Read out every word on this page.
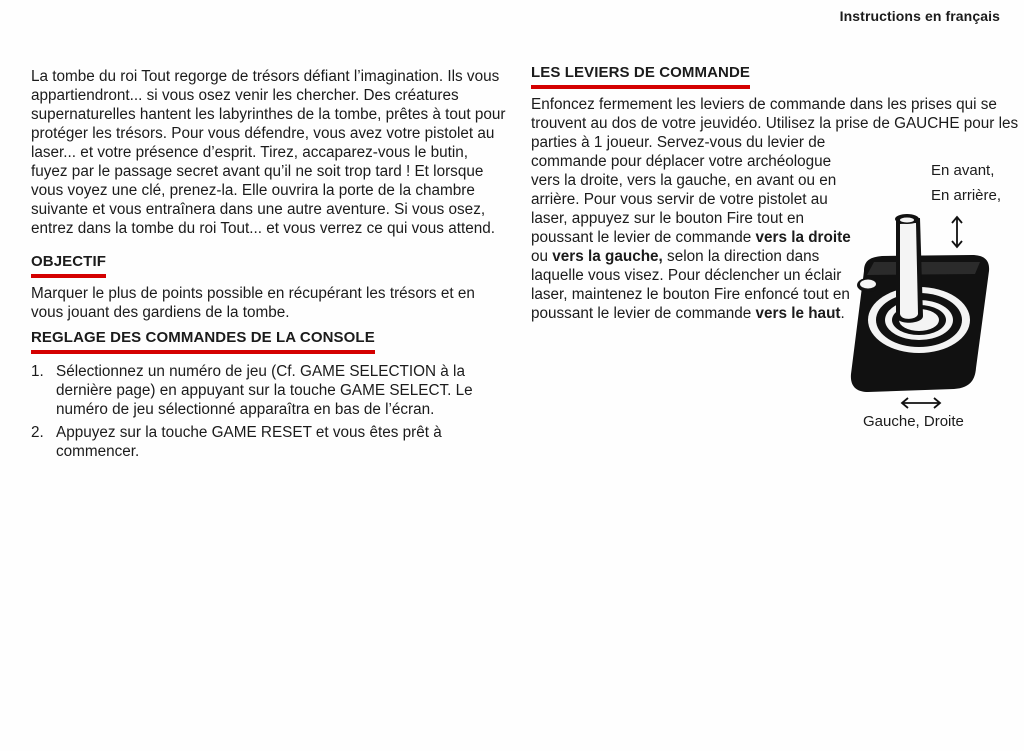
Instructions en français

La tombe du roi Tout regorge de trésors défiant l’imagination. Ils vous appartiendront... si vous osez venir les chercher. Des créatures supernaturelles hantent les labyrinthes de la tombe, prêtes à tout pour protéger les trésors. Pour vous défendre, vous avez votre pistolet au laser... et votre présence d’esprit. Tirez, accaparez-vous le butin, fuyez par le passage secret avant qu’il ne soit trop tard ! Et lorsque vous voyez une clé, prenez-la. Elle ouvrira la porte de la chambre suivante et vous entraînera dans une autre aventure. Si vous osez, entrez dans la tombe du roi Tout... et vous verrez ce qui vous attend.

OBJECTIF

Marquer le plus de points possible en récupérant les trésors et en vous jouant des gardiens de la tombe.

REGLAGE DES COMMANDES DE LA CONSOLE
1. Sélectionnez un numéro de jeu (Cf. GAME SELECTION à la dernière page) en appuyant sur la touche GAME SELECT. Le numéro de jeu sélectionné apparaîtra en bas de l’écran.
2. Appuyez sur la touche GAME RESET et vous êtes prêt à commencer.
LES LEVIERS DE COMMANDE

Enfoncez fermement les leviers de commande dans les prises qui se trouvent au dos de votre jeuvidéo. Utilisez la prise de GAUCHE pour les parties à 1 joueur. Servez-vous du levier de

commande pour déplacer votre archéologue vers la droite, vers la gauche, en avant ou en arrière. Pour vous servir de votre pistolet au laser, appuyez sur le bouton Fire tout en poussant le levier de commande vers la droite ou vers la gauche, selon la direction dans laquelle vous visez. Pour déclencher un éclair laser, maintenez le bouton Fire enfoncé tout en poussant le levier de commande vers le haut.

En avant,
En arrière,
Gauche, Droite
